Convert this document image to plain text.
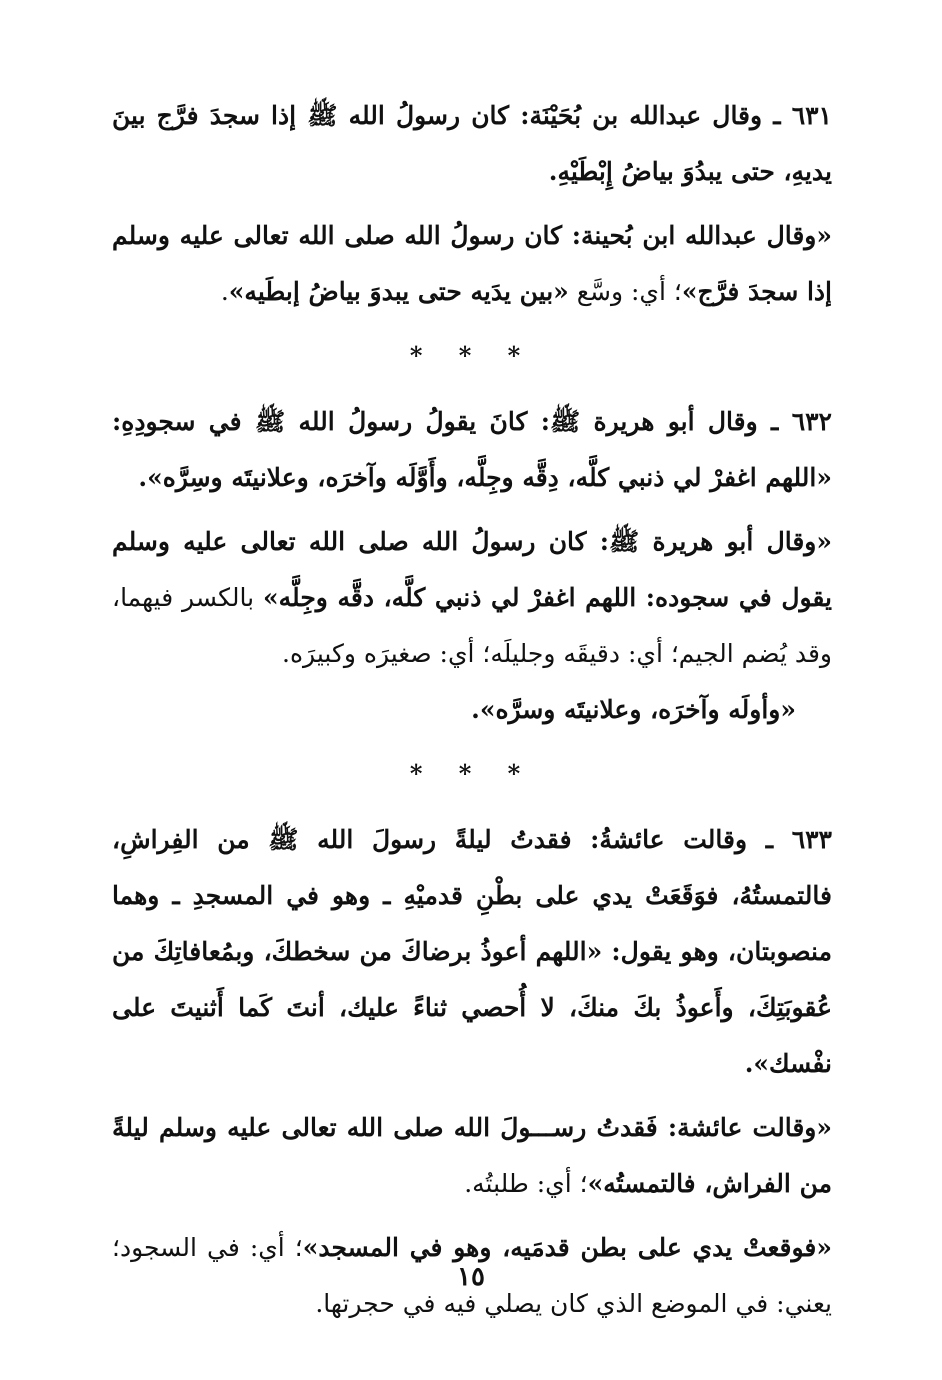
٦٣١ ـ وقال عبدالله بن بُحَيْنَة: كان رسولُ الله ﷺ إذا سجدَ فرَّج بينَ يديهِ، حتى يبدُوَ بياضُ إِبْطَيْهِ.

«وقال عبدالله ابن بُحينة: كان رسولُ الله صلى الله تعالى عليه وسلم إذا سجدَ فرَّج»؛ أي: وسَّع «بين يدَيه حتى يبدوَ بياضُ إبطَيه».

* * *

٦٣٢ ـ وقال أبو هريرة ﷺ: كانَ يقولُ رسولُ الله ﷺ في سجودِهِ: «اللهم اغفرْ لي ذنبي كلَّه، دِقَّه وجِلَّه، وأَوَّلَه وآخرَه، وعلانيتَه وسِرَّه».

«وقال أبو هريرة ﷺ: كان رسولُ الله صلى الله تعالى عليه وسلم يقول في سجوده: اللهم اغفرْ لي ذنبي كلَّه، دقَّه وجِلَّه» بالكسر فيهما، وقد يُضم الجيم؛ أي: دقيقَه وجليلَه؛ أي: صغيرَه وكبيرَه.

«وأولَه وآخرَه، وعلانيتَه وسرَّه».

* * *

٦٣٣ ـ وقالت عائشةُ: فقدتُ ليلةً رسولَ الله ﷺ من الفِراشِ، فالتمستُهُ، فوَقَعَتْ يدي على بطْنِ قدميْهِ ـ وهو في المسجدِ ـ وهما منصوبتان، وهو يقول: «اللهم أعوذُ برضاكَ من سخطكَ، وبمُعافاتِكَ من عُقوبَتِكَ، وأَعوذُ بكَ منكَ، لا أُحصي ثناءً عليك، أنتَ كَما أَثنيتَ على نفْسك».

«وقالت عائشة: فَقدتُ رســـولَ الله صلى الله تعالى عليه وسلم ليلةً من الفراش، فالتمستُه»؛ أي: طلبتُه.

«فوقعتْ يدي على بطن قدمَيه، وهو في المسجد»؛ أي: في السجود؛ يعني: في الموضع الذي كان يصلي فيه في حجرتها.

١٥
